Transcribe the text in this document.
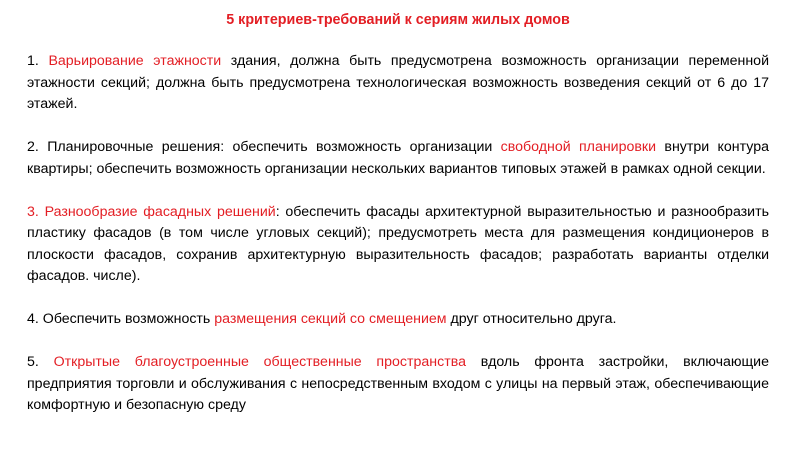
5 критериев-требований к сериям жилых домов

1. Варьирование этажности здания, должна быть предусмотрена возможность организации переменной этажности секций; должна быть предусмотрена технологическая возможность возведения секций от 6 до 17 этажей.

2. Планировочные решения: обеспечить возможность организации свободной планировки внутри контура квартиры; обеспечить возможность организации нескольких вариантов типовых этажей в рамках одной секции.

3. Разнообразие фасадных решений: обеспечить фасады архитектурной выразительностью и разнообразить пластику фасадов (в том числе угловых секций); предусмотреть места для размещения кондиционеров в плоскости фасадов, сохранив архитектурную выразительность фасадов; разработать варианты отделки фасадов. числе).

4. Обеспечить возможность размещения секций со смещением друг относительно друга.

5. Открытые благоустроенные общественные пространства вдоль фронта застройки, включающие предприятия торговли и обслуживания с непосредственным входом с улицы на первый этаж, обеспечивающие комфортную и безопасную среду
